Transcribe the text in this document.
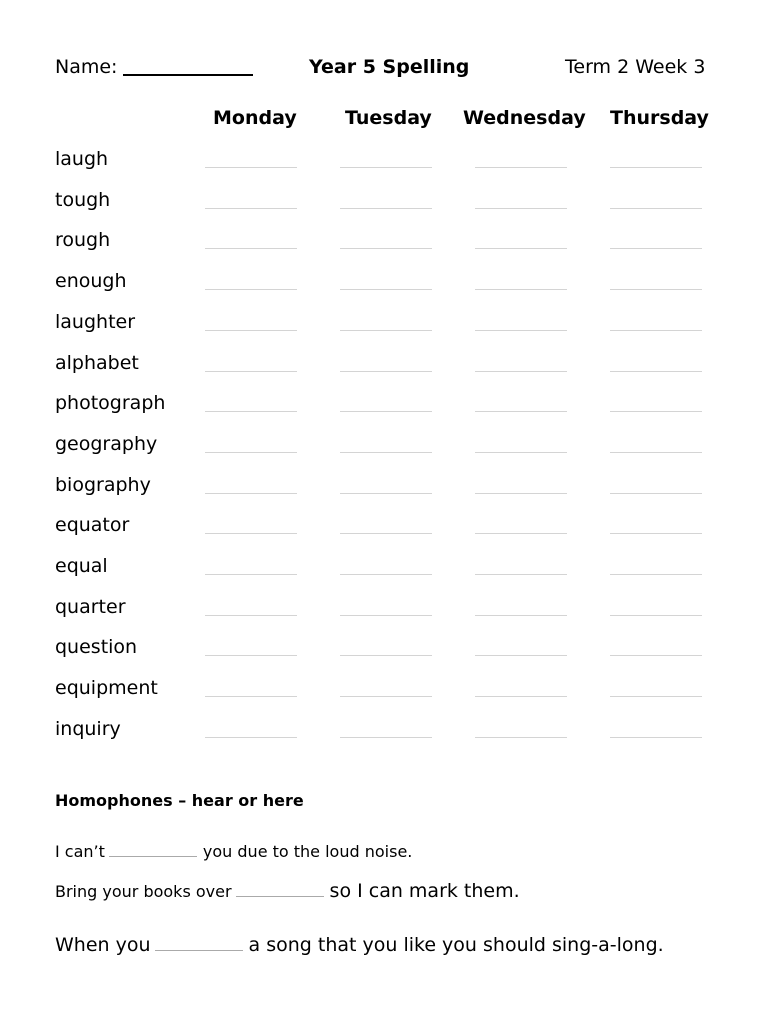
Name:	Year 5 Spelling	Term 2 Week 3
Monday	Tuesday Wednesday Thursday
laugh
tough
rough
enough
laughter
alphabet
photograph
geography
biography
equator
equal
quarter
question
equipment
inquiry
Homophones – hear or here
I can’t	you due to the loud noise.
Bring your books over	so I can mark them.
When you	a song that you like you should sing-a-long.
